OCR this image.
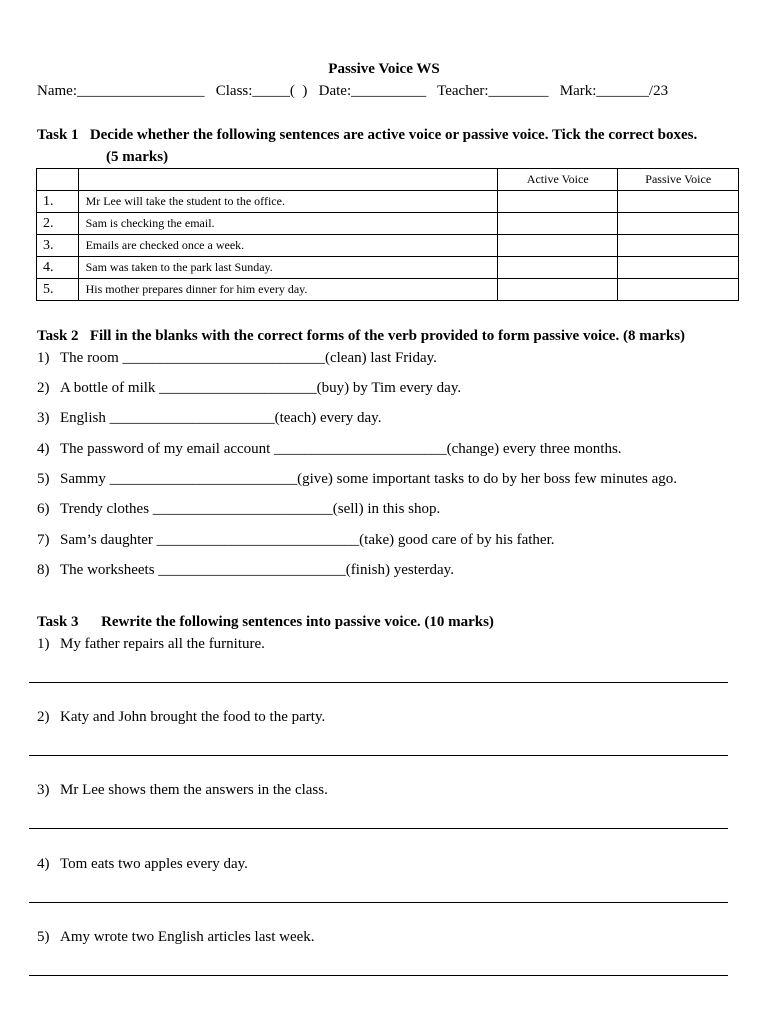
Passive Voice WS
Name:_________________   Class:_____(  )   Date:__________   Teacher:________   Mark:_______/23
Task 1 Decide whether the following sentences are active voice or passive voice. Tick the correct boxes.
(5 marks)
		Active Voice	Passive Voice
1.	Mr Lee will take the student to the office.		
2.	Sam is checking the email.		
3.	Emails are checked once a week.		
4.	Sam was taken to the park last Sunday.		
5.	His mother prepares dinner for him every day.		
Task 2 Fill in the blanks with the correct forms of the verb provided to form passive voice. (8 marks)
1) The room ___________________________(clean) last Friday.
2) A bottle of milk _____________________(buy) by Tim every day.
3) English ______________________(teach) every day.
4) The password of my email account _______________________(change) every three months.
5) Sammy _________________________(give) some important tasks to do by her boss few minutes ago.
6) Trendy clothes ________________________(sell) in this shop.
7) Sam’s daughter ___________________________(take) good care of by his father.
8) The worksheets _________________________(finish) yesterday.
Task 3 Rewrite the following sentences into passive voice. (10 marks)
1) My father repairs all the furniture.
2) Katy and John brought the food to the party.
3) Mr Lee shows them the answers in the class.
4) Tom eats two apples every day.
5) Amy wrote two English articles last week.
